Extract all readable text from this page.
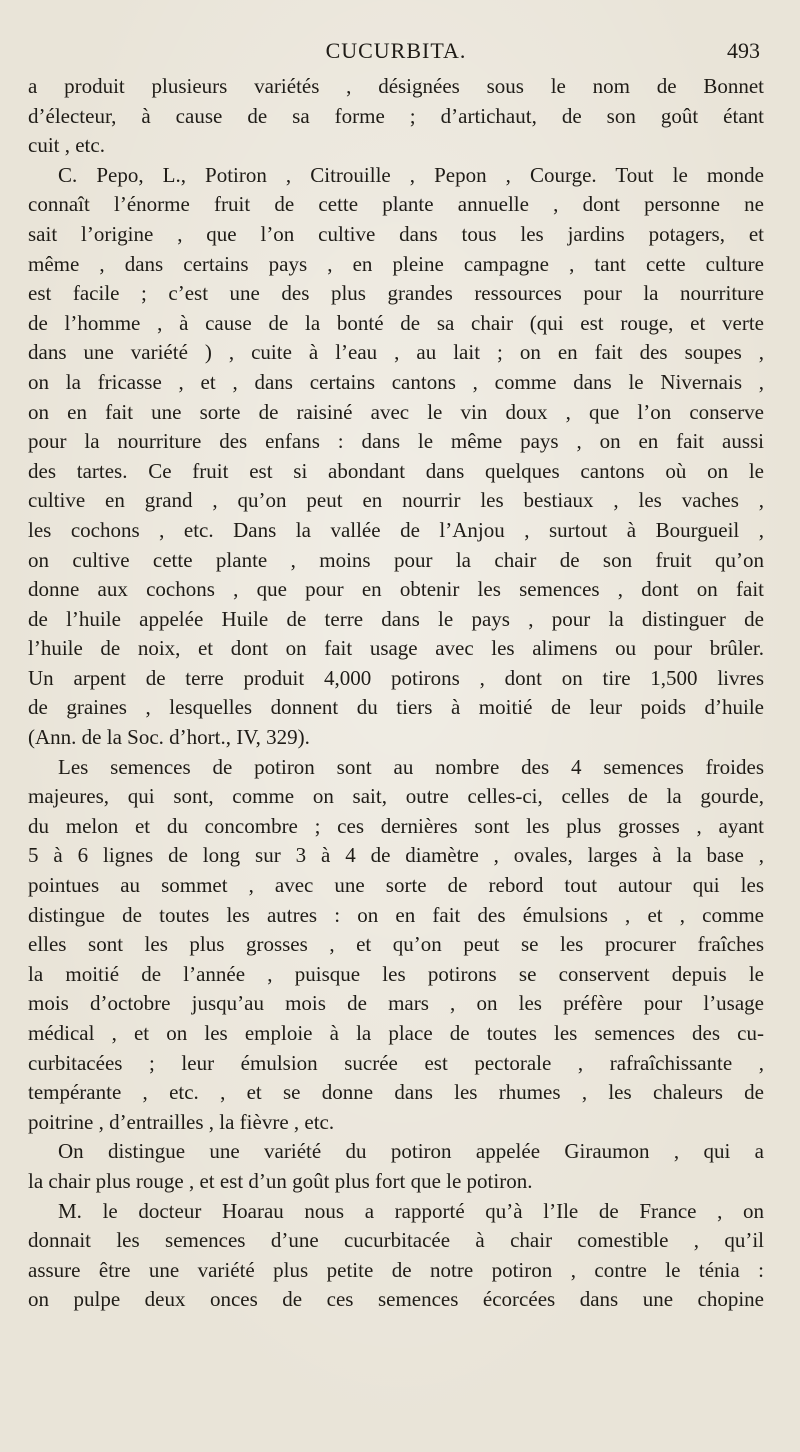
CUCURBITA.	493
a produit plusieurs variétés , désignées sous le nom de Bonnet
d’électeur, à cause de sa forme ; d’artichaut, de son goût étant
cuit , etc.
C. Pepo, L., Potiron , Citrouille , Pepon , Courge. Tout le monde
connaît l’énorme fruit de cette plante annuelle , dont personne ne
sait l’origine , que l’on cultive dans tous les jardins potagers, et
même , dans certains pays , en pleine campagne , tant cette culture
est facile ; c’est une des plus grandes ressources pour la nourriture
de l’homme , à cause de la bonté de sa chair (qui est rouge, et verte
dans une variété ) , cuite à l’eau , au lait ; on en fait des soupes ,
on la fricasse , et , dans certains cantons , comme dans le Nivernais ,
on en fait une sorte de raisiné avec le vin doux , que l’on conserve
pour la nourriture des enfans : dans le même pays , on en fait aussi
des tartes. Ce fruit est si abondant dans quelques cantons où on le
cultive en grand , qu’on peut en nourrir les bestiaux , les vaches ,
les cochons , etc. Dans la vallée de l’Anjou , surtout à Bourgueil ,
on cultive cette plante , moins pour la chair de son fruit qu’on
donne aux cochons , que pour en obtenir les semences , dont on fait
de l’huile appelée Huile de terre dans le pays , pour la distinguer de
l’huile de noix, et dont on fait usage avec les alimens ou pour brûler.
Un arpent de terre produit 4,000 potirons , dont on tire 1,500 livres
de graines , lesquelles donnent du tiers à moitié de leur poids d’huile
(Ann. de la Soc. d’hort., IV, 329).
Les semences de potiron sont au nombre des 4 semences froides
majeures, qui sont, comme on sait, outre celles-ci, celles de la gourde,
du melon et du concombre ; ces dernières sont les plus grosses , ayant
5 à 6 lignes de long sur 3 à 4 de diamètre , ovales, larges à la base ,
pointues au sommet , avec une sorte de rebord tout autour qui les
distingue de toutes les autres : on en fait des émulsions , et , comme
elles sont les plus grosses , et qu’on peut se les procurer fraîches
la moitié de l’année , puisque les potirons se conservent depuis le
mois d’octobre jusqu’au mois de mars , on les préfère pour l’usage
médical , et on les emploie à la place de toutes les semences des cu-
curbitacées ; leur émulsion sucrée est pectorale , rafraîchissante ,
tempérante , etc. , et se donne dans les rhumes , les chaleurs de
poitrine , d’entrailles , la fièvre , etc.
On distingue une variété du potiron appelée Giraumon , qui a
la chair plus rouge , et est d’un goût plus fort que le potiron.
M. le docteur Hoarau nous a rapporté qu’à l’Ile de France , on
donnait les semences d’une cucurbitacée à chair comestible , qu’il
assure être une variété plus petite de notre potiron , contre le ténia :
on pulpe deux onces de ces semences écorcées dans une chopine
